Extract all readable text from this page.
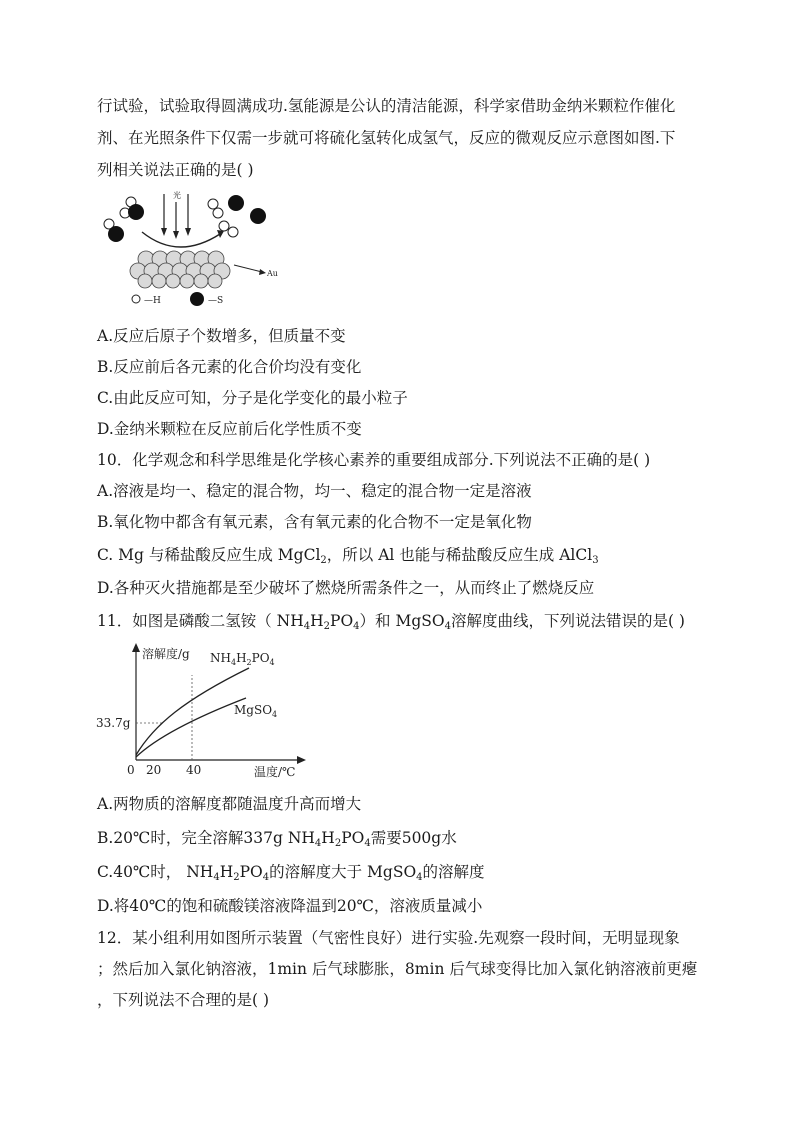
行试验，试验取得圆满成功.氢能源是公认的清洁能源，科学家借助金纳米颗粒作催化
剂、在光照条件下仅需一步就可将硫化氢转化成氢气，反应的微观反应示意图如图.下
列相关说法正确的是( )
光
Au
—H	—S
A.反应后原子个数增多，但质量不变
B.反应前后各元素的化合价均没有变化
C.由此反应可知，分子是化学变化的最小粒子
D.金纳米颗粒在反应前后化学性质不变
10．化学观念和科学思维是化学核心素养的重要组成部分.下列说法不正确的是( )
A.溶液是均一、稳定的混合物，均一、稳定的混合物一定是溶液
B.氧化物中都含有氧元素，含有氧元素的化合物不一定是氧化物
C. Mg 与稀盐酸反应生成 MgCl$_2$，所以 Al 也能与稀盐酸反应生成 AlCl$_3$
D.各种灭火措施都是至少破坏了燃烧所需条件之一，从而终止了燃烧反应
11．如图是磷酸二氢铵（ $NH_4H_2PO_4$）和 MgSO$_4$溶解度曲线，下列说法错误的是( )
溶解度/g
温度/℃
33.7g
0 20 40
$NH_4H_2PO_4$
MgSO$_4$
A.两物质的溶解度都随温度升高而增大
B.20℃时，完全溶解337g $NH_4H_2PO_4$需要500g水
C.40℃时， $NH_4H_2PO_4$的溶解度大于 MgSO$_4$的溶解度
D.将40℃的饱和硫酸镁溶液降温到20℃，溶液质量减小
12．某小组利用如图所示装置（气密性良好）进行实验.先观察一段时间，无明显现象
；然后加入氯化钠溶液，1min 后气球膨胀，8min 后气球变得比加入氯化钠溶液前更瘪
，下列说法不合理的是( )
